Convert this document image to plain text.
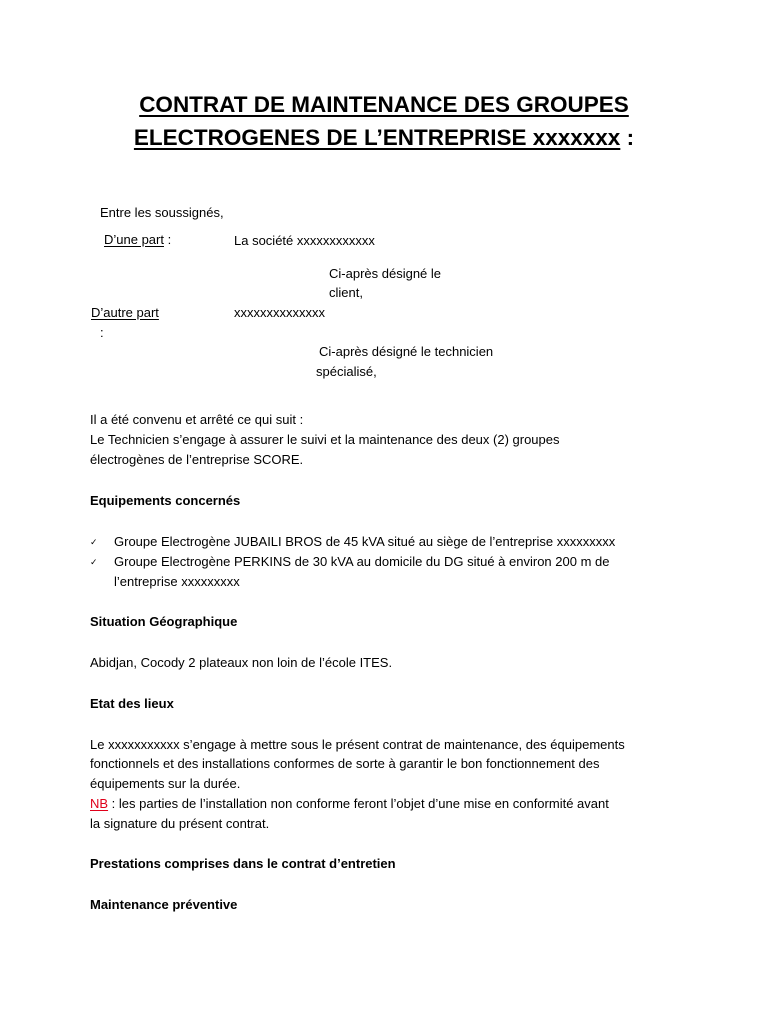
CONTRAT DE MAINTENANCE DES GROUPES
ELECTROGENES DE L’ENTREPRISE xxxxxxx :
Entre les soussignés,
D’une part :	La société xxxxxxxxxxxx
Ci-après désigné le
client,
D’autre part
:
xxxxxxxxxxxxxx
Ci-après désigné le technicien
spécialisé,
Il a été convenu et arrêté ce qui suit :
Le Technicien s’engage à assurer le suivi et la maintenance des deux (2) groupes
électrogènes de l’entreprise SCORE.
Equipements concernés
✓ Groupe Electrogène JUBAILI BROS de 45 kVA situé au siège de l’entreprise xxxxxxxxx
✓ Groupe Electrogène PERKINS de 30 kVA au domicile du DG situé à environ 200 m de
l’entreprise xxxxxxxxx
Situation Géographique
Abidjan, Cocody 2 plateaux non loin de l’école ITES.
Etat des lieux
Le xxxxxxxxxxx s’engage à mettre sous le présent contrat de maintenance, des équipements
fonctionnels et des installations conformes de sorte à garantir le bon fonctionnement des
équipements sur la durée.
NB : les parties de l’installation non conforme feront l’objet d’une mise en conformité avant
la signature du présent contrat.
Prestations comprises dans le contrat d’entretien
Maintenance préventive
